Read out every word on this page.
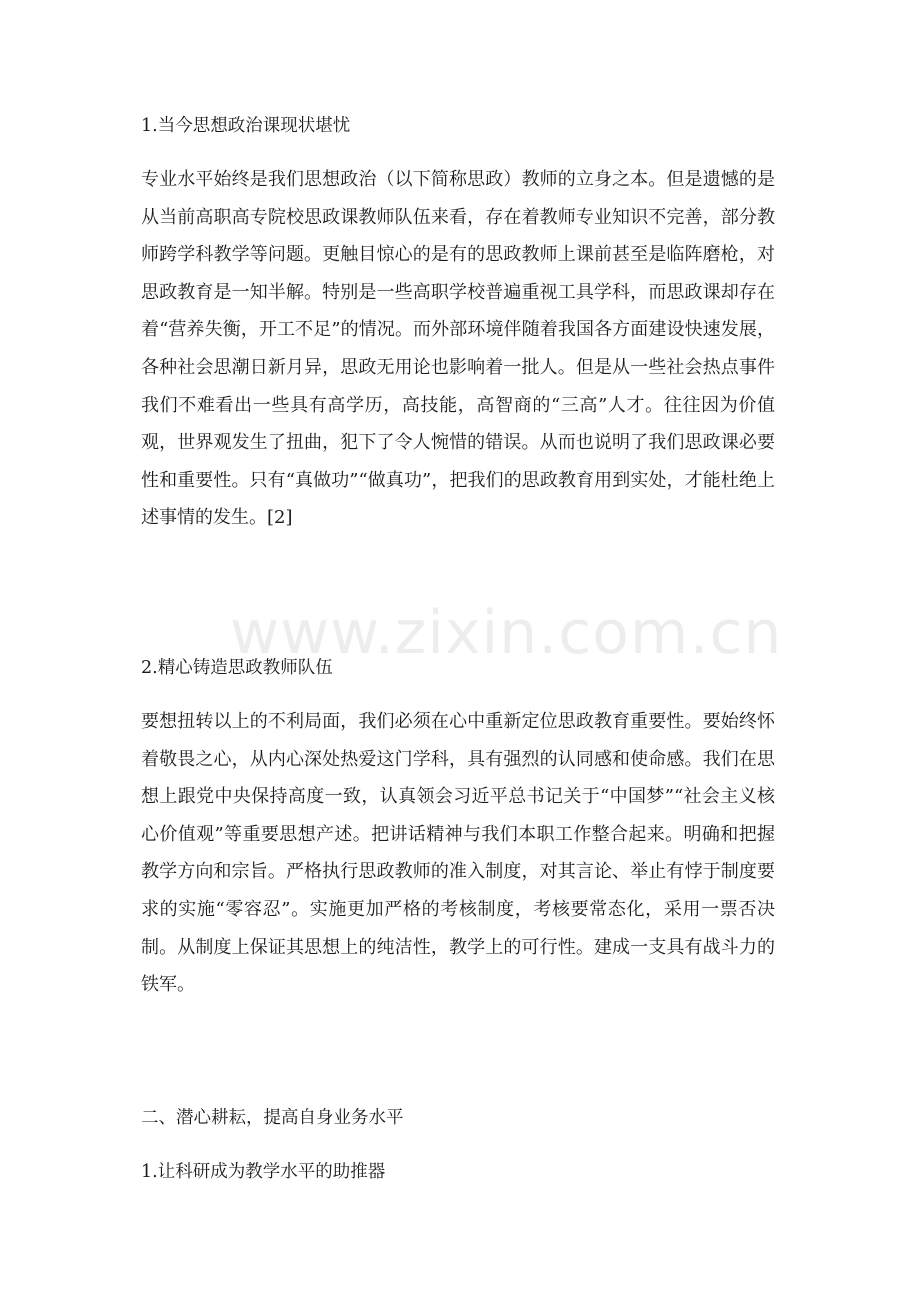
1.当今思想政治课现状堪忧

专业水平始终是我们思想政治（以下简称思政）教师的立身之本。但是遗憾的是从当前高职高专院校思政课教师队伍来看，存在着教师专业知识不完善，部分教师跨学科教学等问题。更触目惊心的是有的思政教师上课前甚至是临阵磨枪，对思政教育是一知半解。特别是一些高职学校普遍重视工具学科，而思政课却存在着“营养失衡，开工不足”的情况。而外部环境伴随着我国各方面建设快速发展，各种社会思潮日新月异，思政无用论也影响着一批人。但是从一些社会热点事件我们不难看出一些具有高学历，高技能，高智商的“三高”人才。往往因为价值观，世界观发生了扭曲，犯下了令人惋惜的错误。从而也说明了我们思政课必要性和重要性。只有“真做功”“做真功”，把我们的思政教育用到实处，才能杜绝上述事情的发生。[2]

2.精心铸造思政教师队伍

要想扭转以上的不利局面，我们必须在心中重新定位思政教育重要性。要始终怀着敬畏之心，从内心深处热爱这门学科，具有强烈的认同感和使命感。我们在思想上跟党中央保持高度一致，认真领会习近平总书记关于“中国梦”“社会主义核心价值观”等重要思想产述。把讲话精神与我们本职工作整合起来。明确和把握教学方向和宗旨。严格执行思政教师的准入制度，对其言论、举止有悖于制度要求的实施“零容忍”。实施更加严格的考核制度，考核要常态化，采用一票否决制。从制度上保证其思想上的纯洁性，教学上的可行性。建成一支具有战斗力的铁军。

二、潜心耕耘，提高自身业务水平
1.让科研成为教学水平的助推器
www.zixin.com.cn
